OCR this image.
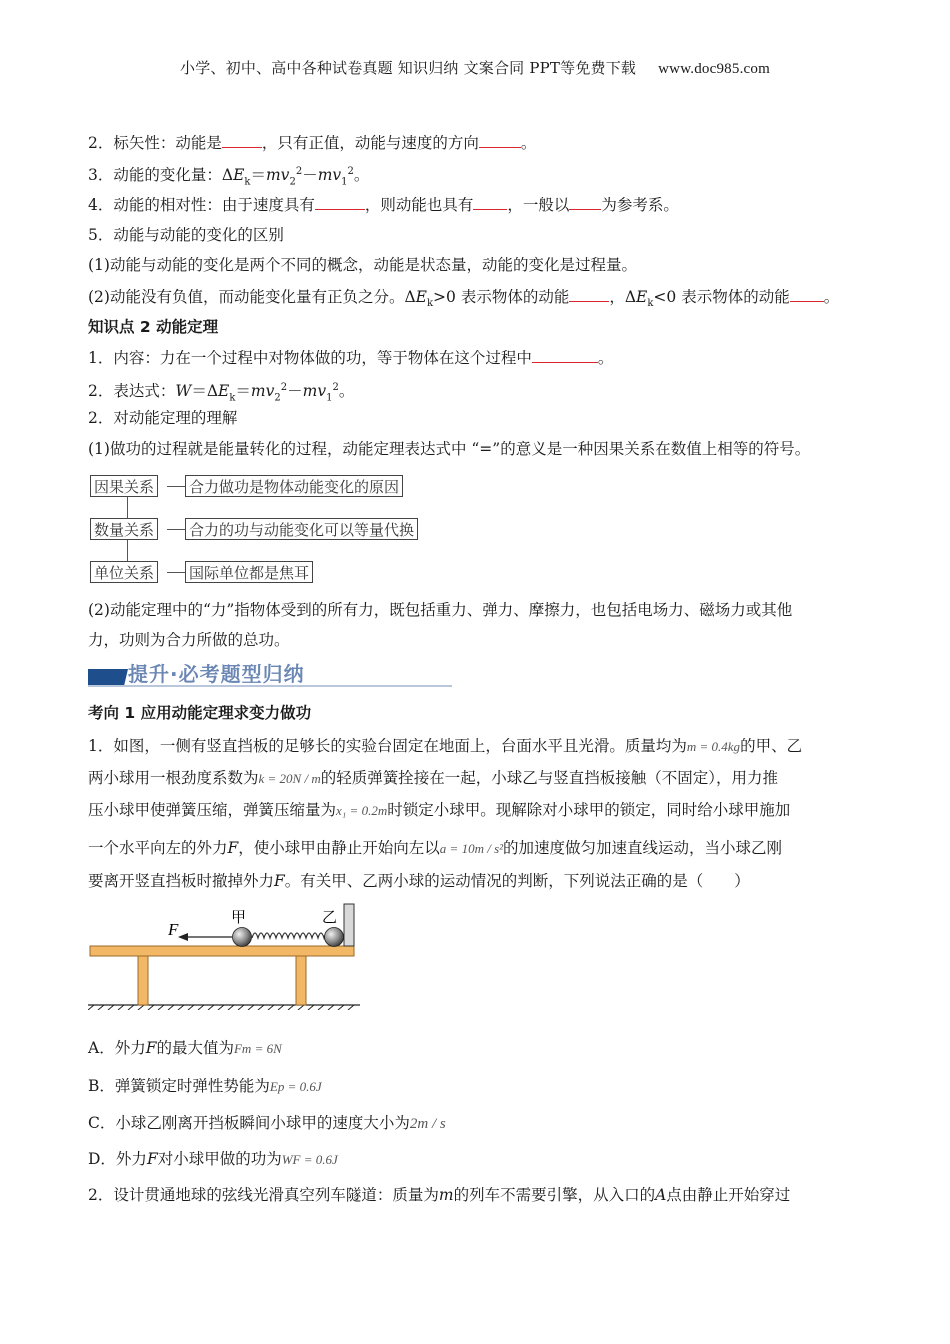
小学、初中、高中各种试卷真题 知识归纳 文案合同 PPT等免费下载 www.doc985.com
2．标矢性：动能是	，只有正值，动能与速度的方向	。
3．动能的变化量：$\Delta E_k=mv_2^2-mv_1^2$。
4．动能的相对性：由于速度具有	，则动能也具有 ，一般以 为参考系。
5．动能与动能的变化的区别
(1)动能与动能的变化是两个不同的概念，动能是状态量，动能的变化是过程量。
(2)动能没有负值，而动能变化量有正负之分。$\Delta E_k>0$ 表示物体的动能	，$\Delta E_k<0$ 表示物体的动能 。
知识点 2 动能定理
1．内容：力在一个过程中对物体做的功，等于物体在这个过程中	。
2．表达式：$W=\Delta E_k=mv_2^2-mv_1^2$。
2．对动能定理的理解
(1)做功的过程就是能量转化的过程，动能定理表达式中 “=”的意义是一种因果关系在数值上相等的符号。
因果关系 合力做功是物体动能变化的原因
数量关系 合力的功与动能变化可以等量代换
单位关系 国际单位都是焦耳
(2)动能定理中的“力”指物体受到的所有力，既包括重力、弹力、摩擦力，也包括电场力、磁场力或其他
力，功则为合力所做的总功。
提升·必考题型归纳
考向 1 应用动能定理求变力做功
1．如图，一侧有竖直挡板的足够长的实验台固定在地面上，台面水平且光滑。质量均为m = 0.4kg的甲、乙
两小球用一根劲度系数为k = 20N / m的轻质弹簧拴接在一起，小球乙与竖直挡板接触（不固定），用力推
压小球甲使弹簧压缩，弹簧压缩量为x₁ = 0.2m时锁定小球甲。现解除对小球甲的锁定，同时给小球甲施加
一个水平向左的外力F，使小球甲由静止开始向左以a = 10m / s²的加速度做匀加速直线运动，当小球乙刚
要离开竖直挡板时撤掉外力F。有关甲、乙两小球的运动情况的判断，下列说法正确的是（　　）
F
甲	乙
A．外力F的最大值为Fm = 6N
B．弹簧锁定时弹性势能为Ep = 0.6J
C．小球乙刚离开挡板瞬间小球甲的速度大小为2m / s
D．外力F对小球甲做的功为WF = 0.6J
2．设计贯通地球的弦线光滑真空列车隧道：质量为m的列车不需要引擎，从入口的A点由静止开始穿过
